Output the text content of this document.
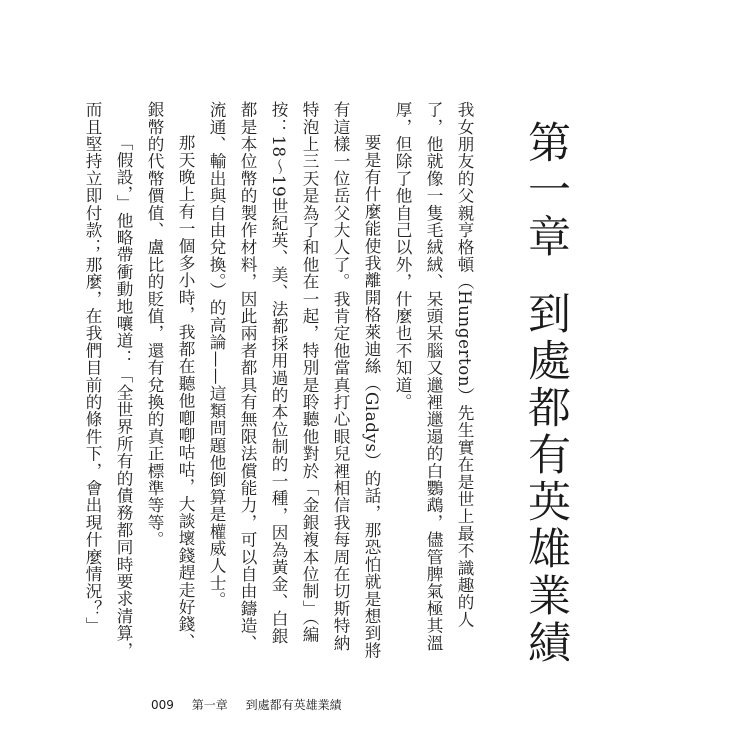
第一章到處都有英雄業績

我女朋友的父親亨格頓（Hungerton）先生實在是世上最不識趣的人了，他就像一隻毛絨絨、呆頭呆腦又邋裡邋遢的白鸚鵡，儘管脾氣極其溫厚，但除了他自己以外，什麼也不知道。

要是有什麼能使我離開格萊迪絲（Gladys）的話，那恐怕就是想到將有這樣一位岳父大人了。我肯定他當真打心眼兒裡相信我每周在切斯特納特泡上三天是為了和他在一起，特別是聆聽他對於「金銀複本位制」（編按：18～19世紀英、美、法都採用過的本位制的一種，因為黃金、白銀都是本位幣的製作材料，因此兩者都具有無限法償能力，可以自由鑄造、流通、輸出與自由兌換。）的高論——這類問題他倒算是權威人士。

那天晚上有一個多小時，我都在聽他喞喞咕咕，大談壞錢趕走好錢、銀幣的代幣價值、盧比的貶值，還有兌換的真正標準等等。

「假設，」他略帶衝動地嚷道：「全世界所有的債務都同時要求清算，而且堅持立即付款；那麼，在我們目前的條件下，會出現什麼情況？」

009 第一章 到處都有英雄業績
